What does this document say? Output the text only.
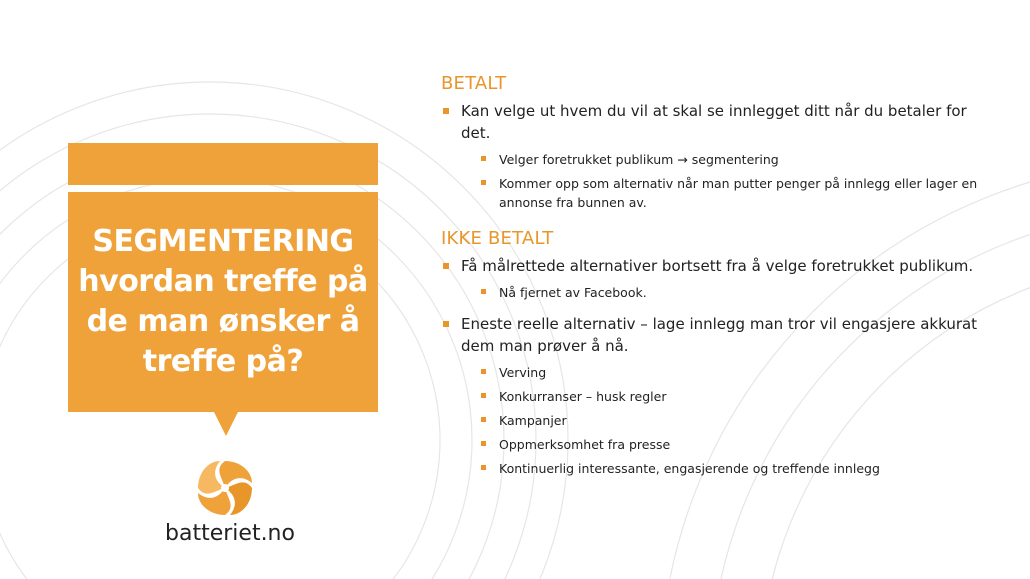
SEGMENTERING
hvordan treffe på
de man ønsker å
treffe på?
batteriet.no
BETALT
Kan velge ut hvem du vil at skal se innlegget ditt når du betaler for det.
Velger foretrukket publikum → segmentering
Kommer opp som alternativ når man putter penger på innlegg eller lager en annonse fra bunnen av.
IKKE BETALT
Få målrettede alternativer bortsett fra å velge foretrukket publikum.
Nå fjernet av Facebook.
Eneste reelle alternativ – lage innlegg man tror vil engasjere akkurat dem man prøver å nå.
Verving
Konkurranser – husk regler
Kampanjer
Oppmerksomhet fra presse
Kontinuerlig interessante, engasjerende og treffende innlegg
